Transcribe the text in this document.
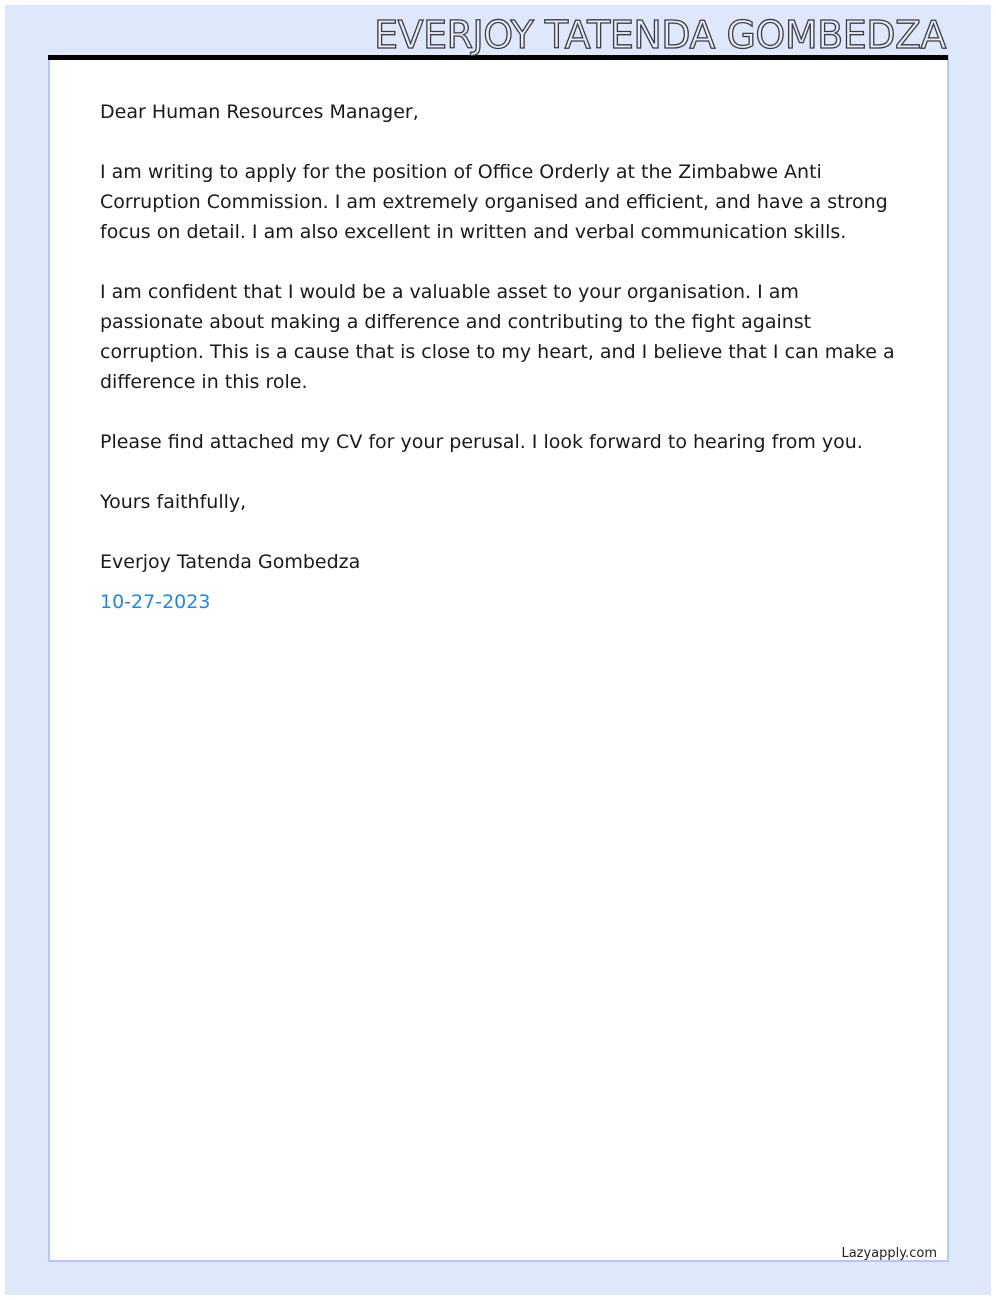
EVERJOY TATENDA GOMBEDZA

Dear Human Resources Manager,

I am writing to apply for the position of Office Orderly at the Zimbabwe Anti Corruption Commission. I am extremely organised and efficient, and have a strong focus on detail. I am also excellent in written and verbal communication skills.

I am confident that I would be a valuable asset to your organisation. I am passionate about making a difference and contributing to the fight against corruption. This is a cause that is close to my heart, and I believe that I can make a difference in this role.

Please find attached my CV for your perusal. I look forward to hearing from you.

Yours faithfully,

Everjoy Tatenda Gombedza

10-27-2023
Lazyapply.com
